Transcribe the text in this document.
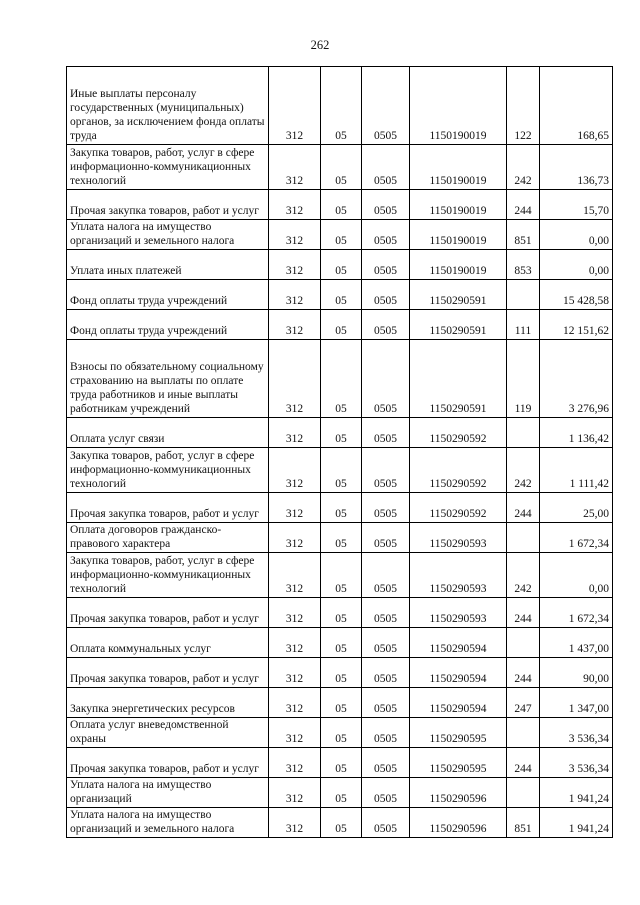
262
Иные выплаты персоналу государственных (муниципальных) органов, за исключением фонда оплаты труда	312	05	0505	1150190019	122	168,65
Закупка товаров, работ, услуг в сфере информационно-коммуникационных технологий	312	05	0505	1150190019	242	136,73
Прочая закупка товаров, работ и услуг	312	05	0505	1150190019	244	15,70
Уплата налога на имущество организаций и земельного налога	312	05	0505	1150190019	851	0,00
Уплата иных платежей	312	05	0505	1150190019	853	0,00
Фонд оплаты труда учреждений	312	05	0505	1150290591		15 428,58
Фонд оплаты труда учреждений	312	05	0505	1150290591	111	12 151,62
Взносы по обязательному социальному страхованию на выплаты по оплате труда работников и иные выплаты работникам учреждений	312	05	0505	1150290591	119	3 276,96
Оплата услуг связи	312	05	0505	1150290592		1 136,42
Закупка товаров, работ, услуг в сфере информационно-коммуникационных технологий	312	05	0505	1150290592	242	1 111,42
Прочая закупка товаров, работ и услуг	312	05	0505	1150290592	244	25,00
Оплата договоров гражданско-правового характера	312	05	0505	1150290593		1 672,34
Закупка товаров, работ, услуг в сфере информационно-коммуникационных технологий	312	05	0505	1150290593	242	0,00
Прочая закупка товаров, работ и услуг	312	05	0505	1150290593	244	1 672,34
Оплата коммунальных услуг	312	05	0505	1150290594		1 437,00
Прочая закупка товаров, работ и услуг	312	05	0505	1150290594	244	90,00
Закупка энергетических ресурсов	312	05	0505	1150290594	247	1 347,00
Оплата услуг вневедомственной охраны	312	05	0505	1150290595		3 536,34
Прочая закупка товаров, работ и услуг	312	05	0505	1150290595	244	3 536,34
Уплата налога на имущество организаций	312	05	0505	1150290596		1 941,24
Уплата налога на имущество организаций и земельного налога	312	05	0505	1150290596	851	1 941,24
